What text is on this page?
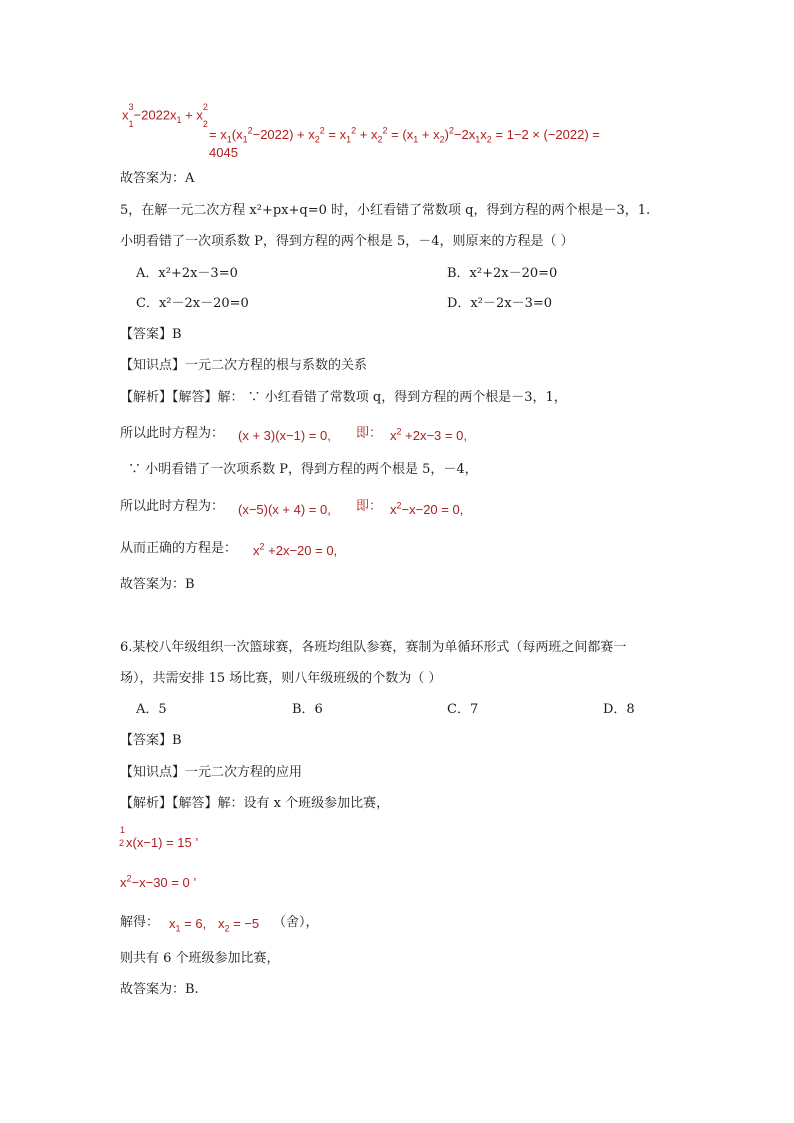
$x^3$
$_1-2022x_1 + x^2$
$_2$
= $x_1(x_1^2-2022) + x_2^2 = x_1^2 + x_2^2 = (x_1 + x_2)^2-2x_1x_2 = 1-2 \times (-2022)$ =
4045
故答案为：A
5，在解一元二次方程 x²+px+q=0 时，小红看错了常数项 q，得到方程的两个根是－3，1.
小明看错了一次项系数 P，得到方程的两个根是 5，－4，则原来的方程是（ ）
A．x²+2x－3=0	B．x²+2x－20=0
C．x²－2x－20=0	D．x²－2x－3=0
【答案】B
【知识点】一元二次方程的根与系数的关系
【解析】【解答】解： ∵ 小红看错了常数项 q，得到方程的两个根是－3，1，
所以此时方程为： (x + 3)(x−1) = 0, 即： $x^2 +2x-3 = 0$,
∵ 小明看错了一次项系数 P，得到方程的两个根是 5，－4，
所以此时方程为： (x−5)(x + 4) = 0, 即： $x^2-x-20 = 0$,
从而正确的方程是： $x^2 +2x-20 = 0$,
故答案为：B
6.某校八年级组织一次篮球赛，各班均组队参赛，赛制为单循环形式（每两班之间都赛一
场），共需安排 15 场比赛，则八年级班级的个数为（ ）
A．5	B．6	C．7	D．8
【答案】B
【知识点】一元二次方程的应用
【解析】【解答】解：设有 x 个班级参加比赛，
1
2 x(x−1) = 15 ’
$x^2-x-30 = 0$ ’
解得： $x_1 = 6$, $x_2 = -5$ （舍），
则共有 6 个班级参加比赛，
故答案为：B.
